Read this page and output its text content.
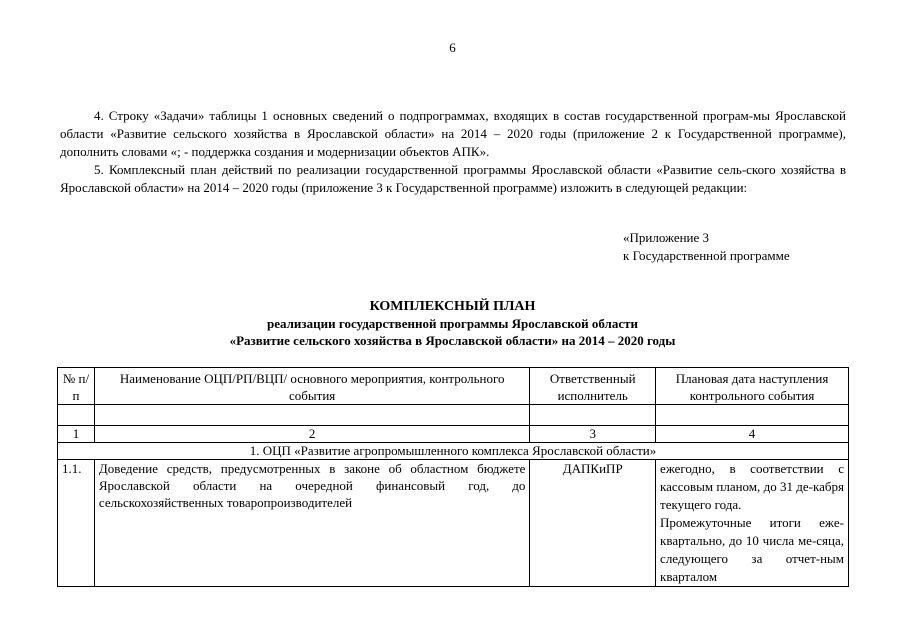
6

4. Строку «Задачи» таблицы 1 основных сведений о подпрограммах, входящих в состав государственной програм-мы Ярославской области «Развитие сельского хозяйства в Ярославской области» на 2014 – 2020 годы (приложение 2 к Государственной программе), дополнить словами «; - поддержка создания и модернизации объектов АПК».

5. Комплексный план действий по реализации государственной программы Ярославской области «Развитие сель-ского хозяйства в Ярославской области» на 2014 – 2020 годы (приложение 3 к Государственной программе) изложить в следующей редакции:

«Приложение 3
к Государственной программе
КОМПЛЕКСНЫЙ ПЛАН
реализации государственной программы Ярославской области
«Развитие сельского хозяйства в Ярославской области» на 2014 – 2020 годы
№ п/п	Наименование ОЦП/РП/ВЦП/ основного мероприятия, контрольного события	Ответственный исполнитель	Плановая дата наступления контрольного события

1	2	3	4
1. ОЦП «Развитие агропромышленного комплекса Ярославской области»			
1.1.	Доведение средств, предусмотренных в законе об областном бюджете Ярославской области на очередной финансовый год, до сельскохозяйственных товаропроизводителей	ДАПКиПР	ежегодно, в соответствии с кассовым планом, до 31 де-кабря текущего года.

Промежуточные итоги ежe-квартально, до 10 числа ме-сяца, следующего за отчет-ным кварталом
